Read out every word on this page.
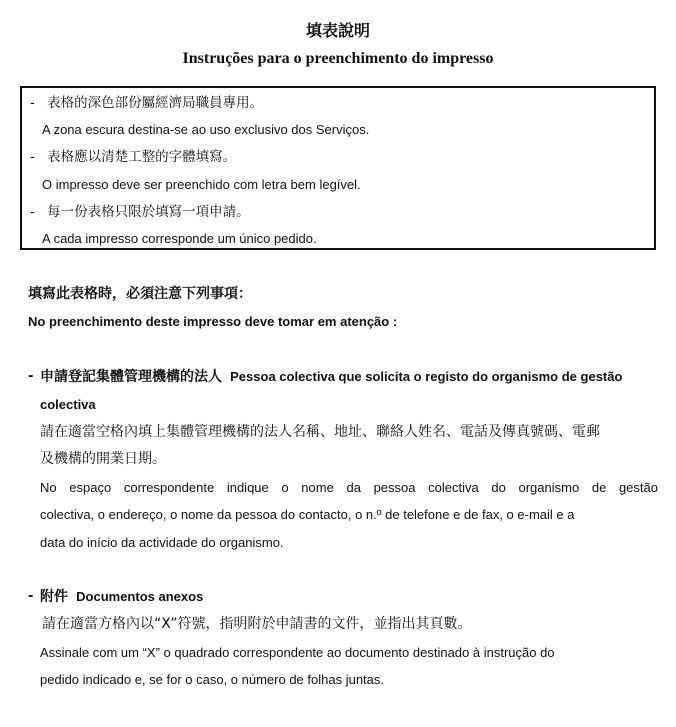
填表說明
Instruções para o preenchimento do impresso
- 表格的深色部份屬經濟局職員專用。
A zona escura destina-se ao uso exclusivo dos Serviços.
- 表格應以清楚工整的字體填寫。
O impresso deve ser preenchido com letra bem legível.
- 每一份表格只限於填寫一項申請。
A cada impresso corresponde um único pedido.
填寫此表格時，必須注意下列事項：
No preenchimento deste impresso deve tomar em atenção :
- 申請登記集體管理機構的法人 Pessoa colectiva que solicita o registo do organismo de gestão
colectiva
請在適當空格內填上集體管理機構的法人名稱、地址、聯絡人姓名、電話及傳真號碼、電郵
及機構的開業日期。
No espaço correspondente indique o nome da pessoa colectiva do organismo de gestão
colectiva, o endereço, o nome da pessoa do contacto, o n.º de telefone e de fax, o e-mail e a
data do início da actividade do organismo.
- 附件 Documentos anexos
請在適當方格內以“X”符號，指明附於申請書的文件，並指出其頁數。
Assinale com um “X” o quadrado correspondente ao documento destinado à instrução do
pedido indicado e, se for o caso, o número de folhas juntas.
